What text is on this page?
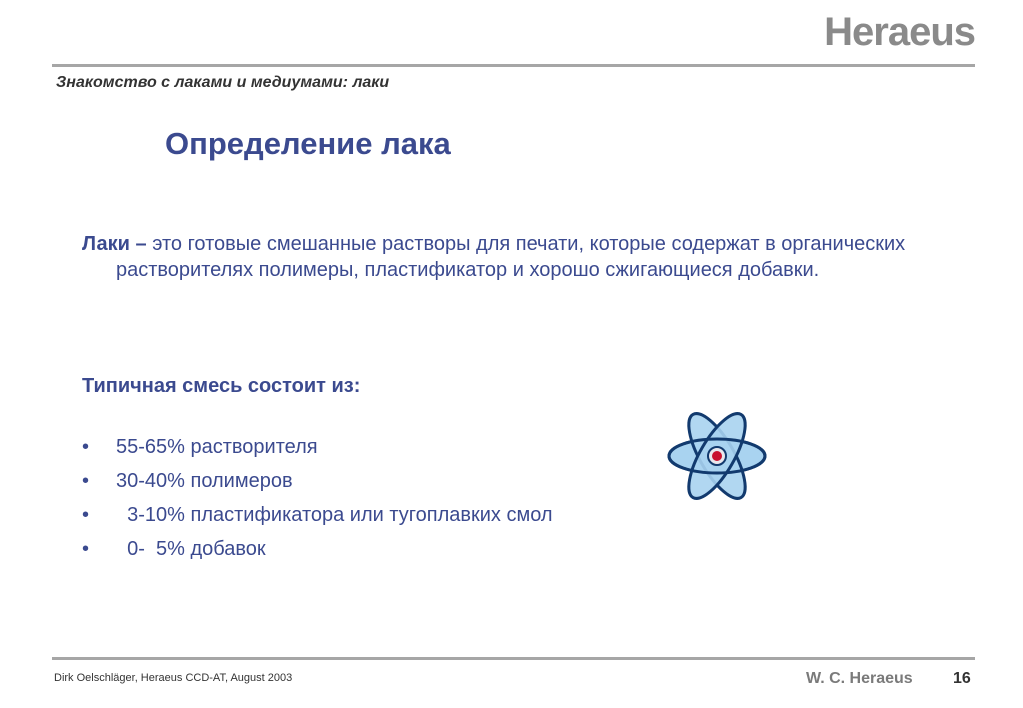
Heraeus
Знакомство с лаками и медиумами: лаки
Определение лака
Лаки – это готовые смешанные растворы для печати, которые содержат в органических растворителях полимеры, пластификатор и хорошо сжигающиеся добавки.
Типичная смесь состоит из:
•	55-65% растворителя
•	30-40% полимеров
•	3-10% пластификатора или тугоплавких смол
•	0-  5% добавок
Dirk Oelschläger, Heraeus CCD-AT, August 2003	W. C. Heraeus	16
